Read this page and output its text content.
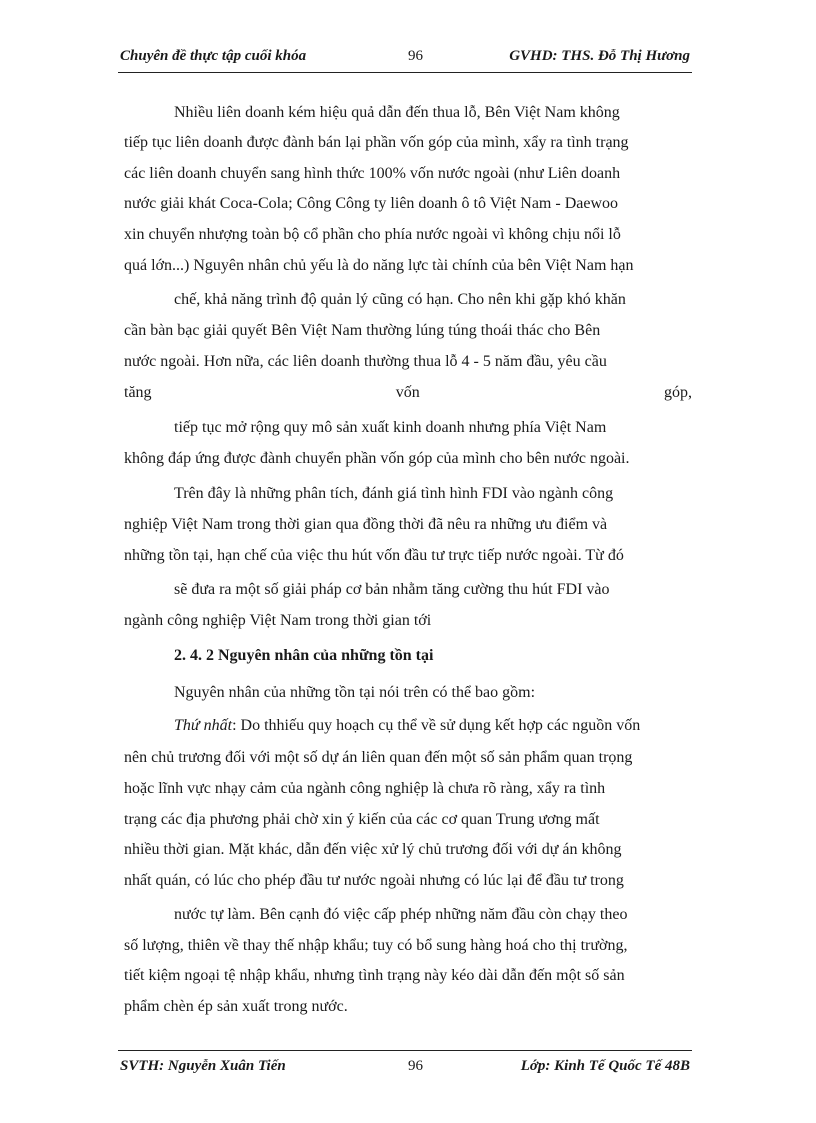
Chuyên đề thực tập cuối khóa	96	GVHD: THS. Đỗ Thị Hương
Nhiều liên doanh kém hiệu quả dẫn đến thua lỗ, Bên Việt Nam không
tiếp tục liên doanh được đành bán lại phần vốn góp của mình, xẩy ra tình trạng
các liên doanh chuyển sang hình thức 100% vốn nước ngoài (như Liên doanh
nước giải khát Coca-Cola; Công Công ty liên doanh ô tô Việt Nam - Daewoo
xin chuyển nhượng toàn bộ cổ phần cho phía nước ngoài vì không chịu nổi lỗ
quá lớn...) Nguyên nhân chủ yếu là do năng lực tài chính của bên Việt Nam hạn
chế, khả năng trình độ quản lý cũng có hạn. Cho nên khi gặp khó khăn
cần bàn bạc giải quyết Bên Việt Nam thường lúng túng thoái thác cho Bên
nước ngoài. Hơn nữa, các liên doanh thường thua lỗ 4 - 5 năm đầu, yêu cầu
tăng	vốn	góp,
tiếp tục mở rộng quy mô sản xuất kinh doanh nhưng phía Việt Nam
không đáp ứng được đành chuyển phần vốn góp của mình cho bên nước ngoài.
Trên đây là những phân tích, đánh giá tình hình FDI vào ngành công
nghiệp Việt Nam trong thời gian qua đồng thời đã nêu ra những ưu điểm và
những tồn tại, hạn chế của việc thu hút vốn đầu tư trực tiếp nước ngoài. Từ đó
sẽ đưa ra một số giải pháp cơ bản nhằm tăng cường thu hút FDI vào
ngành công nghiệp Việt Nam trong thời gian tới
2. 4. 2 Nguyên nhân của những tồn tại
Nguyên nhân của những tồn tại nói trên có thể bao gồm:
Thứ nhất: Do thhiếu quy hoạch cụ thể về sử dụng kết hợp các nguồn vốn
nên chủ trương đối với một số dự án liên quan đến một số sản phẩm quan trọng
hoặc lĩnh vực nhạy cảm của ngành công nghiệp là chưa rõ ràng, xẩy ra tình
trạng các địa phương phải chờ xin ý kiến của các cơ quan Trung ương mất
nhiều thời gian. Mặt khác, dẫn đến việc xử lý chủ trương đối với dự án không
nhất quán, có lúc cho phép đầu tư nước ngoài nhưng có lúc lại để đầu tư trong
nước tự làm. Bên cạnh đó việc cấp phép những năm đầu còn chạy theo
số lượng, thiên về thay thế nhập khẩu; tuy có bổ sung hàng hoá cho thị trường,
tiết kiệm ngoại tệ nhập khẩu, nhưng tình trạng này kéo dài dẫn đến một số sản
phẩm chèn ép sản xuất trong nước.
SVTH: Nguyễn Xuân Tiến	96	Lớp: Kinh Tế Quốc Tế 48B
